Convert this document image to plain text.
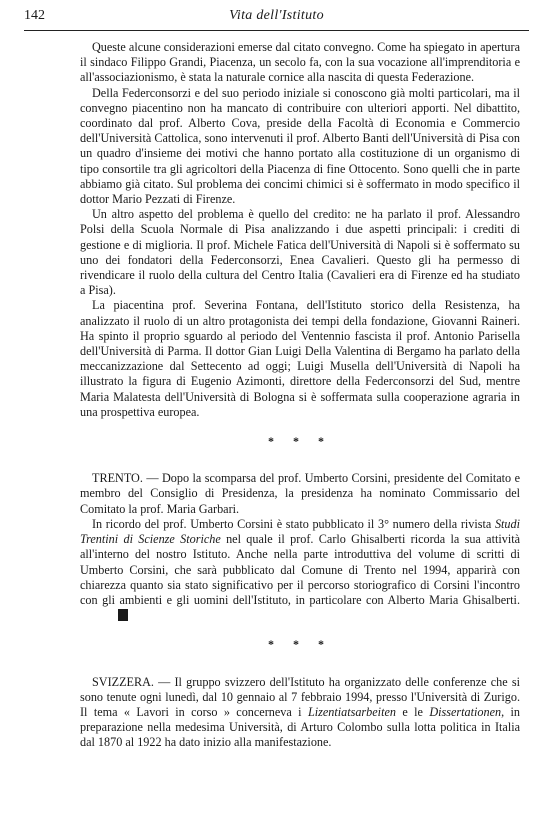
142	Vita dell'Istituto

Queste alcune considerazioni emerse dal citato convegno. Come ha spiegato in apertura il sindaco Filippo Grandi, Piacenza, un secolo fa, con la sua vocazione all'imprenditoria e all'associazionismo, è stata la naturale cornice alla nascita di questa Federazione.

Della Federconsorzi e del suo periodo iniziale si conoscono già molti particolari, ma il convegno piacentino non ha mancato di contribuire con ulteriori apporti. Nel dibattito, coordinato dal prof. Alberto Cova, preside della Facoltà di Economia e Commercio dell'Università Cattolica, sono intervenuti il prof. Alberto Banti dell'Università di Pisa con un quadro d'insieme dei motivi che hanno portato alla costituzione di un organismo di tipo consortile tra gli agricoltori della Piacenza di fine Ottocento. Sono quelli che in parte abbiamo già citato. Sul problema dei concimi chimici si è soffermato in modo specifico il dottor Mario Pezzati di Firenze.

Un altro aspetto del problema è quello del credito: ne ha parlato il prof. Alessandro Polsi della Scuola Normale di Pisa analizzando i due aspetti principali: i crediti di gestione e di miglioria. Il prof. Michele Fatica dell'Università di Napoli si è soffermato su uno dei fondatori della Federconsorzi, Enea Cavalieri. Questo gli ha permesso di rivendicare il ruolo della cultura del Centro Italia (Cavalieri era di Firenze ed ha studiato a Pisa).

La piacentina prof. Severina Fontana, dell'Istituto storico della Resistenza, ha analizzato il ruolo di un altro protagonista dei tempi della fondazione, Giovanni Raineri. Ha spinto il proprio sguardo al periodo del Ventennio fascista il prof. Antonio Parisella dell'Università di Parma. Il dottor Gian Luigi Della Valentina di Bergamo ha parlato della meccanizzazione dal Settecento ad oggi; Luigi Musella dell'Università di Napoli ha illustrato la figura di Eugenio Azimonti, direttore della Federconsorzi del Sud, mentre Maria Malatesta dell'Università di Bologna si è soffermata sulla cooperazione agraria in una prospettiva europea.

* * *

TRENTO. — Dopo la scomparsa del prof. Umberto Corsini, presidente del Comitato e membro del Consiglio di Presidenza, la presidenza ha nominato Commissario del Comitato la prof. Maria Garbari.

In ricordo del prof. Umberto Corsini è stato pubblicato il 3° numero della rivista Studi Trentini di Scienze Storiche nel quale il prof. Carlo Ghisalberti ricorda la sua attività all'interno del nostro Istituto. Anche nella parte introduttiva del volume di scritti di Umberto Corsini, che sarà pubblicato dal Comune di Trento nel 1994, apparirà con chiarezza quanto sia stato significativo per il percorso storiografico di Corsini l'incontro con gli ambienti e gli uomini dell'Istituto, in particolare con Alberto Maria Ghisalberti.

* * *

SVIZZERA. — Il gruppo svizzero dell'Istituto ha organizzato delle conferenze che si sono tenute ogni lunedì, dal 10 gennaio al 7 febbraio 1994, presso l'Università di Zurigo. Il tema « Lavori in corso » concerneva i Lizentiatsarbeiten e le Dissertationen, in preparazione nella medesima Università, di Arturo Colombo sulla lotta politica in Italia dal 1870 al 1922 ha dato inizio alla manifestazione.
